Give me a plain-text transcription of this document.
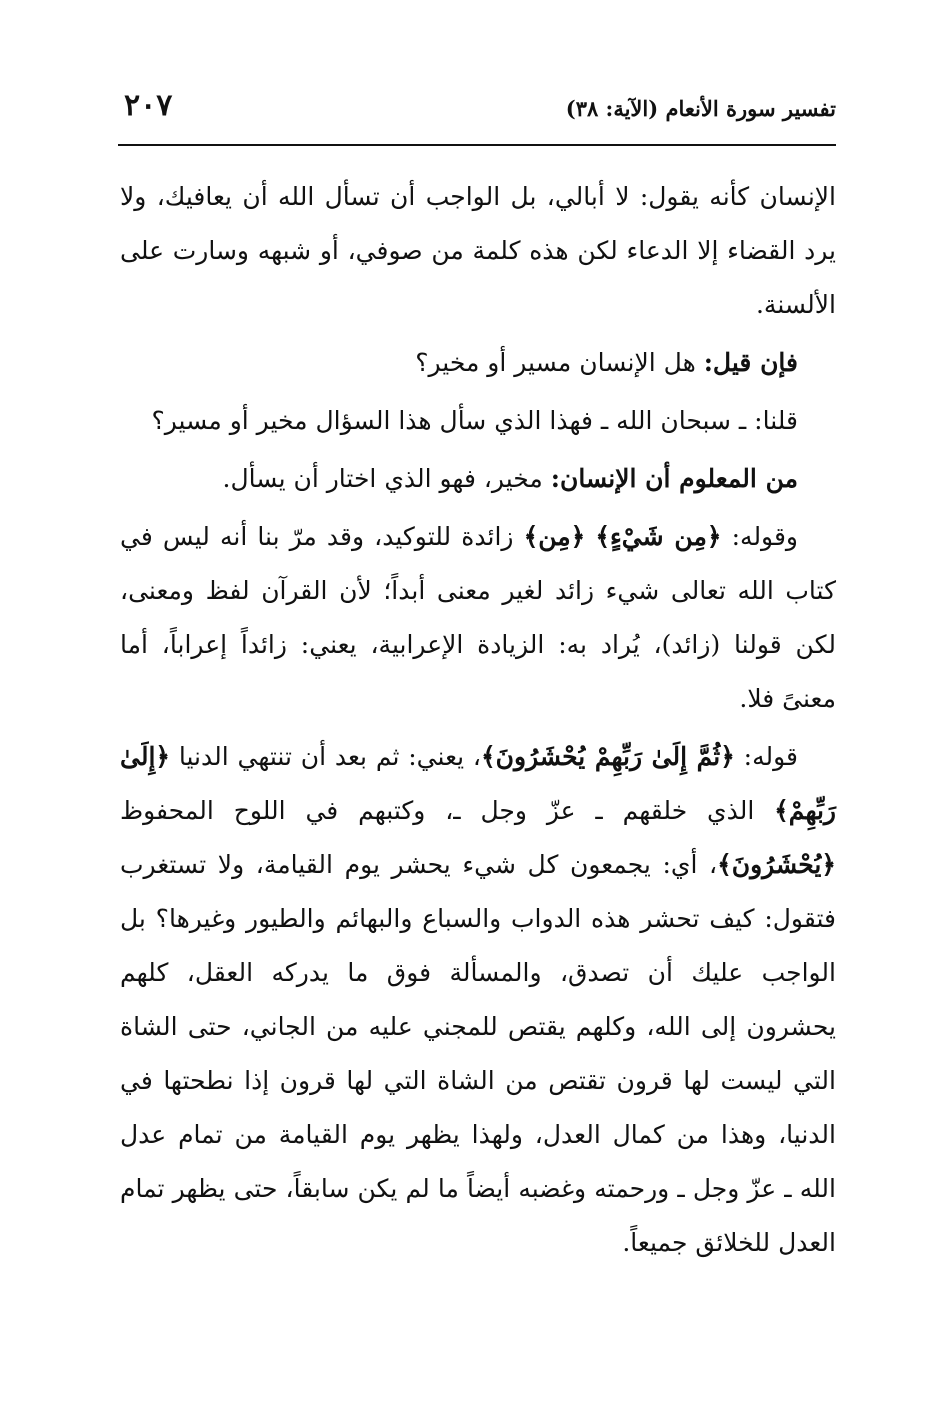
تفسير سورة الأنعام (الآية: ٣٨)
٢٠٧

الإنسان كأنه يقول: لا أبالي، بل الواجب أن تسأل الله أن يعافيك، ولا يرد القضاء إلا الدعاء لكن هذه كلمة من صوفي، أو شبهه وسارت على الألسنة.

فإن قيل: هل الإنسان مسير أو مخير؟

قلنا: ـ سبحان الله ـ فهذا الذي سأل هذا السؤال مخير أو مسير؟

من المعلوم أن الإنسان: مخير، فهو الذي اختار أن يسأل.

وقوله: ﴿مِن شَيْءٍ﴾ ﴿مِن﴾ زائدة للتوكيد، وقد مرّ بنا أنه ليس في كتاب الله تعالى شيء زائد لغير معنى أبداً؛ لأن القرآن لفظ ومعنى، لكن قولنا (زائد)، يُراد به: الزيادة الإعرابية، يعني: زائداً إعراباً، أما معنىً فلا.

قوله: ﴿ثُمَّ إِلَىٰ رَبِّهِمْ يُحْشَرُونَ﴾، يعني: ثم بعد أن تنتهي الدنيا ﴿إِلَىٰ رَبِّهِمْ﴾ الذي خلقهم ـ عزّ وجل ـ، وكتبهم في اللوح المحفوظ ﴿يُحْشَرُونَ﴾، أي: يجمعون كل شيء يحشر يوم القيامة، ولا تستغرب فتقول: كيف تحشر هذه الدواب والسباع والبهائم والطيور وغيرها؟ بل الواجب عليك أن تصدق، والمسألة فوق ما يدركه العقل، كلهم يحشرون إلى الله، وكلهم يقتص للمجني عليه من الجاني، حتى الشاة التي ليست لها قرون تقتص من الشاة التي لها قرون إذا نطحتها في الدنيا، وهذا من كمال العدل، ولهذا يظهر يوم القيامة من تمام عدل الله ـ عزّ وجل ـ ورحمته وغضبه أيضاً ما لم يكن سابقاً، حتى يظهر تمام العدل للخلائق جميعاً.
